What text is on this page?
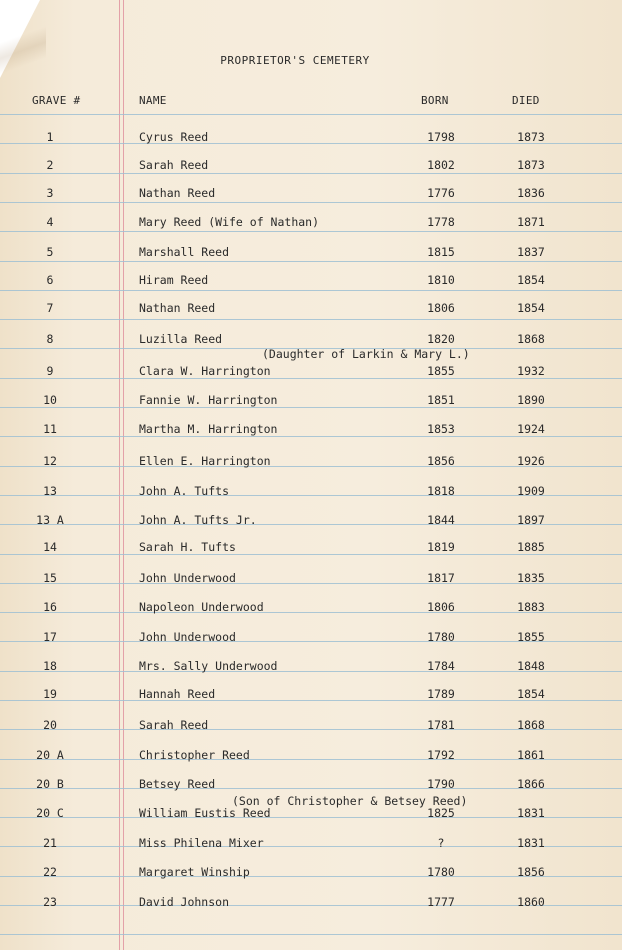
PROPRIETOR'S CEMETERY
GRAVE #	NAME	BORN	DIED
1	Cyrus Reed	1798	1873
2	Sarah Reed	1802	1873
3	Nathan Reed	1776	1836
4	Mary Reed (Wife of Nathan)	1778	1871
5	Marshall Reed	1815	1837
6	Hiram Reed	1810	1854
7	Nathan Reed	1806	1854
8	Luzilla Reed	1820	1868
9	Clara W. Harrington	1855	1932
10	Fannie W. Harrington	1851	1890
11	Martha M. Harrington	1853	1924
12	Ellen E. Harrington	1856	1926
13	John A. Tufts	1818	1909
13 A	John A. Tufts Jr.	1844	1897
14	Sarah H. Tufts	1819	1885
15	John Underwood	1817	1835
16	Napoleon Underwood	1806	1883
17	John Underwood	1780	1855
18	Mrs. Sally Underwood	1784	1848
19	Hannah Reed	1789	1854
20	Sarah Reed	1781	1868
20 A	Christopher Reed	1792	1861
20 B	Betsey Reed	1790	1866
20 C	William Eustis Reed	1825	1831
21	Miss Philena Mixer	?	1831
22	Margaret Winship	1780	1856
23	David Johnson	1777	1860
(Daughter of Larkin & Mary L.)
(Son of Christopher & Betsey Reed)
